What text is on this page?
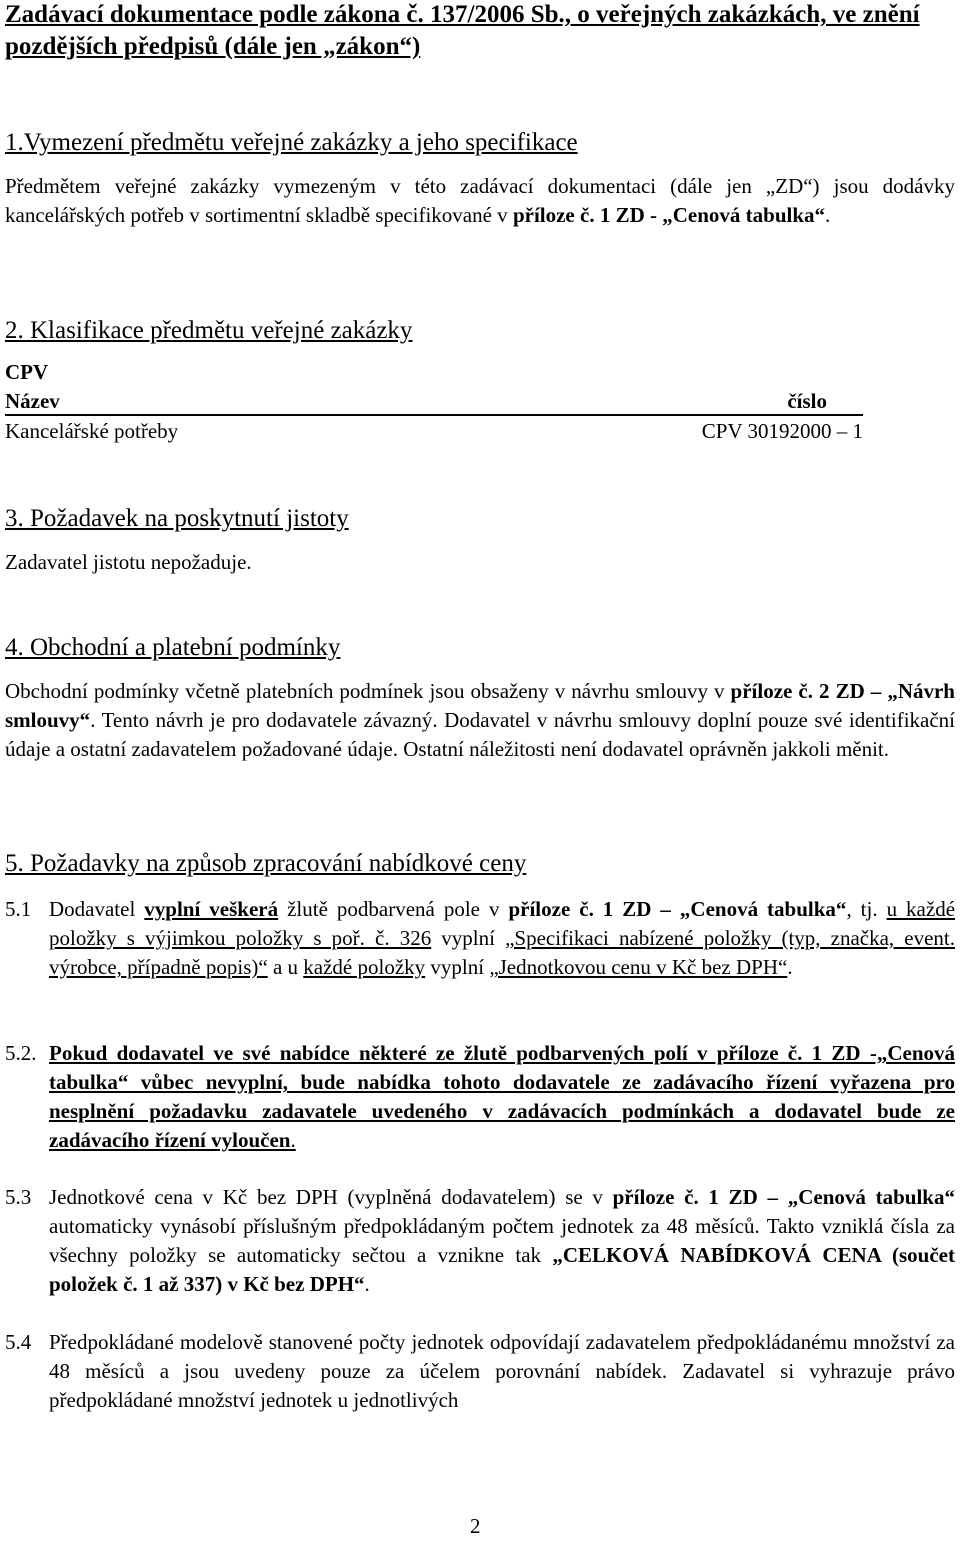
Zadávací dokumentace podle zákona č. 137/2006 Sb., o veřejných zakázkách, ve znění pozdějších předpisů (dále jen „zákon“)
1.Vymezení předmětu veřejné zakázky a jeho specifikace

Předmětem veřejné zakázky vymezeným v této zadávací dokumentaci (dále jen „ZD“) jsou dodávky kancelářských potřeb v sortimentní skladbě specifikované v příloze č. 1 ZD - „Cenová tabulka“.

2. Klasifikace předmětu veřejné zakázky
CPV
Název	číslo
Kancelářské potřeby	CPV 30192000 – 1
3. Požadavek na poskytnutí jistoty

Zadavatel jistotu nepožaduje.

4. Obchodní a platební podmínky

Obchodní podmínky včetně platebních podmínek jsou obsaženy v návrhu smlouvy v příloze č. 2 ZD – „Návrh smlouvy“. Tento návrh je pro dodavatele závazný. Dodavatel v návrhu smlouvy doplní pouze své identifikační údaje a ostatní zadavatelem požadované údaje. Ostatní náležitosti není dodavatel oprávněn jakkoli měnit.

5. Požadavky na způsob zpracování nabídkové ceny
5.1 Dodavatel vyplní veškerá žlutě podbarvená pole v příloze č. 1 ZD – „Cenová tabulka“, tj. u každé položky s výjimkou položky s poř. č. 326 vyplní „Specifikaci nabízené položky (typ, značka, event. výrobce, případně popis)“ a u každé položky vyplní „Jednotkovou cenu v Kč bez DPH“.
5.2. Pokud dodavatel ve své nabídce některé ze žlutě podbarvených polí v příloze č. 1 ZD -„Cenová tabulka“ vůbec nevyplní, bude nabídka tohoto dodavatele ze zadávacího řízení vyřazena pro nesplnění požadavku zadavatele uvedeného v zadávacích podmínkách a dodavatel bude ze zadávacího řízení vyloučen.
5.3 Jednotkové cena v Kč bez DPH (vyplněná dodavatelem) se v příloze č. 1 ZD – „Cenová tabulka“ automaticky vynásobí příslušným předpokládaným počtem jednotek za 48 měsíců. Takto vzniklá čísla za všechny položky se automaticky sečtou a vznikne tak „CELKOVÁ NABÍDKOVÁ CENA (součet položek č. 1 až 337) v Kč bez DPH“.
5.4 Předpokládané modelově stanovené počty jednotek odpovídají zadavatelem předpokládanému množství za 48 měsíců a jsou uvedeny pouze za účelem porovnání nabídek. Zadavatel si vyhrazuje právo předpokládané množství jednotek u jednotlivých
2
